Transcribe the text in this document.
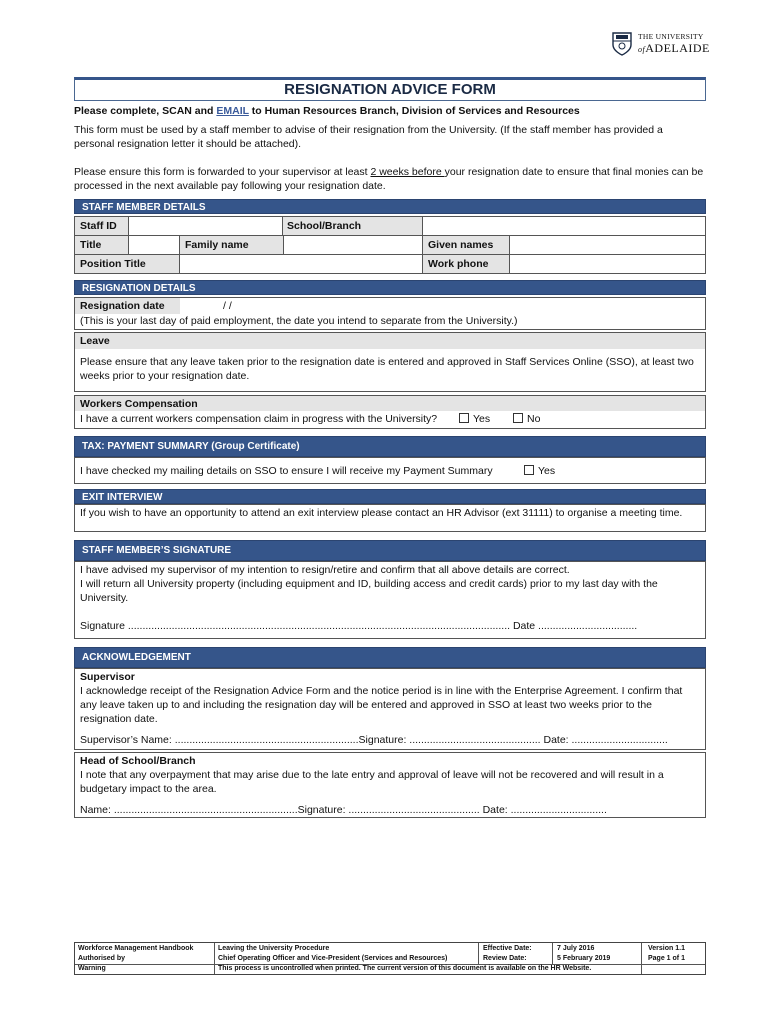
THE UNIVERSITY
ofADELAIDE
RESIGNATION ADVICE FORM
Please complete, SCAN and EMAIL to Human Resources Branch, Division of Services and Resources
This form must be used by a staff member to advise of their resignation from the University. (If the staff member has provided a personal resignation letter it should be attached).
Please ensure this form is forwarded to your supervisor at least 2 weeks before your resignation date to ensure that final monies can be processed in the next available pay following your resignation date.
STAFF MEMBER DETAILS
Staff ID	School/Branch
Title	Family name	Given names
Position Title	Work phone
RESIGNATION DETAILS
Resignation date	/ /
(This is your last day of paid employment, the date you intend to separate from the University.)
Leave
Please ensure that any leave taken prior to the resignation date is entered and approved in Staff Services Online (SSO), at least two weeks prior to your resignation date.
Workers Compensation
I have a current workers compensation claim in progress with the University?	Yes	No
TAX: PAYMENT SUMMARY (Group Certificate)
I have checked my mailing details on SSO to ensure I will receive my Payment Summary	Yes
EXIT INTERVIEW
If you wish to have an opportunity to attend an exit interview please contact an HR Advisor (ext 31111) to organise a meeting time.
STAFF MEMBER’S SIGNATURE
I have advised my supervisor of my intention to resign/retire and confirm that all above details are correct.
I will return all University property (including equipment and ID, building access and credit cards) prior to my last day with the University.
Signature ................................................................................................................................... Date ..................................
ACKNOWLEDGEMENT
Supervisor
I acknowledge receipt of the Resignation Advice Form and the notice period is in line with the Enterprise Agreement. I confirm that any leave taken up to and including the resignation day will be entered and approved in SSO at least two weeks prior to the resignation date.
Supervisor’s Name: ...............................................................Signature: ............................................. Date: .................................
Head of School/Branch
I note that any overpayment that may arise due to the late entry and approval of leave will not be recovered and will result in a budgetary impact to the area.
Name: ...............................................................Signature: ............................................. Date: .................................
Workforce Management Handbook	Leaving the University Procedure	Effective Date:	7 July 2016	Version 1.1
Authorised by	Chief Operating Officer and Vice-President (Services and Resources)	Review Date:	5 February 2019	Page 1 of 1
Warning	This process is uncontrolled when printed. The current version of this document is available on the HR Website.
